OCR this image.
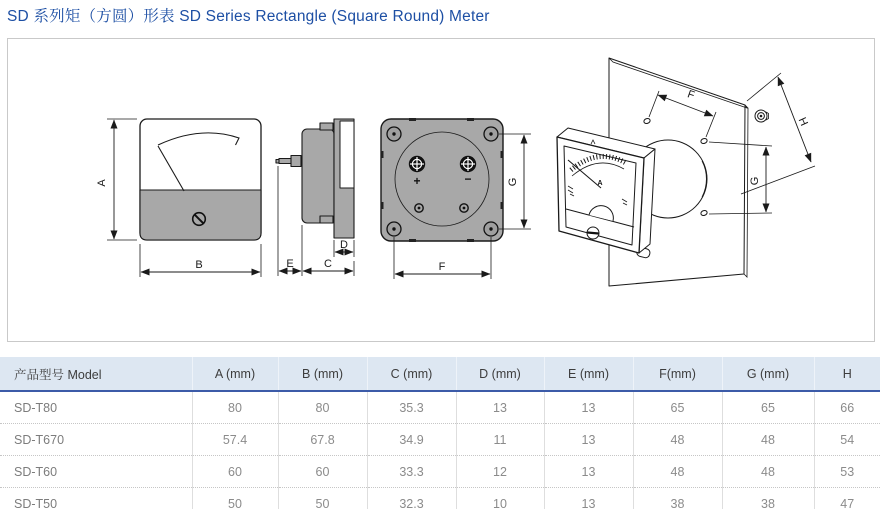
SD 系列矩（方圆）形表 SD Series Rectangle (Square Round) Meter
A
B
D
E	C
+	−	G
F
A
F
H
G
产品型号 Model	A (mm)	B (mm)	C (mm)	D (mm)	E (mm)	F(mm)	G (mm)	H
SD-T80	80	80	35.3	13	13	65	65	66
SD-T670	57.4	67.8	34.9	11	13	48	48	54
SD-T60	60	60	33.3	12	13	48	48	53
SD-T50	50	50	32.3	10	13	38	38	47
